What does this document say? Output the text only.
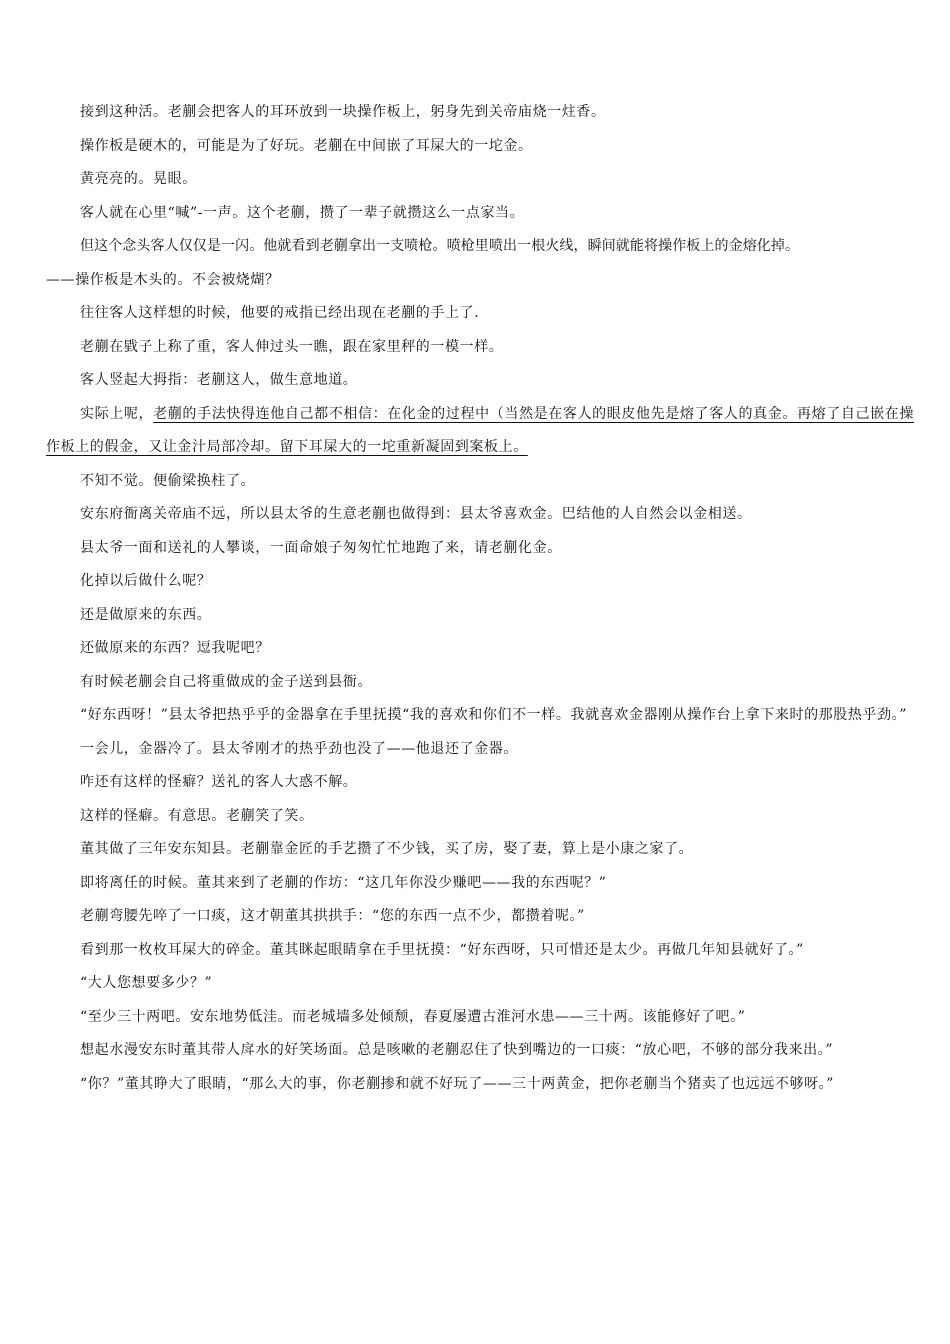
接到这种活。老蒯会把客人的耳环放到一块操作板上，躬身先到关帝庙烧一炷香。

操作板是硬木的，可能是为了好玩。老蒯在中间嵌了耳屎大的一坨金。

黄亮亮的。晃眼。

客人就在心里“喊”-一声。这个老蒯，攒了一辈子就攒这么一点家当。

但这个念头客人仅仅是一闪。他就看到老蒯拿出一支喷枪。喷枪里喷出一根火线，瞬间就能将操作板上的金熔化掉。

——操作板是木头的。不会被烧煳？

往往客人这样想的时候，他要的戒指已经出现在老蒯的手上了.

老蒯在戥子上称了重，客人伸过头一瞧，跟在家里秤的一模一样。

客人竖起大拇指：老蒯这人，做生意地道。

实际上呢，老蒯的手法快得连他自己都不相信：在化金的过程中（当然是在客人的眼皮他先是熔了客人的真金。再熔了自己嵌在操作板上的假金，又让金汁局部冷却。留下耳屎大的一坨重新凝固到案板上。

不知不觉。便偷梁换柱了。

安东府衙离关帝庙不远，所以县太爷的生意老蒯也做得到：县太爷喜欢金。巴结他的人自然会以金相送。

县太爷一面和送礼的人攀谈，一面命娘子匆匆忙忙地跑了来，请老蒯化金。

化掉以后做什么呢？

还是做原来的东西。

还做原来的东西？逗我呢吧？

有时候老蒯会自己将重做成的金子送到县衙。

“好东西呀！”县太爷把热乎乎的金器拿在手里抚摸“我的喜欢和你们不一样。我就喜欢金器刚从操作台上拿下来时的那股热乎劲。”

一会儿，金器冷了。县太爷刚才的热乎劲也没了——他退还了金器。

咋还有这样的怪癖？送礼的客人大惑不解。

这样的怪癖。有意思。老蒯笑了笑。

董其做了三年安东知县。老蒯靠金匠的手艺攒了不少钱，买了房，娶了妻，算上是小康之家了。

即将离任的时候。董其来到了老蒯的作坊：“这几年你没少赚吧——我的东西呢？”

老蒯弯腰先啐了一口痰，这才朝董其拱拱手：“您的东西一点不少，都攒着呢。”

看到那一枚枚耳屎大的碎金。董其眯起眼睛拿在手里抚摸：“好东西呀，只可惜还是太少。再做几年知县就好了。”

“大人您想要多少？”

“至少三十两吧。安东地势低洼。而老城墙多处倾颓，春夏屡遭古淮河水患——三十两。该能修好了吧。”

想起水漫安东时董其带人戽水的好笑场面。总是咳嗽的老蒯忍住了快到嘴边的一口痰：“放心吧，不够的部分我来出。”

“你？”董其睁大了眼睛，“那么大的事，你老蒯掺和就不好玩了——三十两黄金，把你老蒯当个猪卖了也远远不够呀。”
